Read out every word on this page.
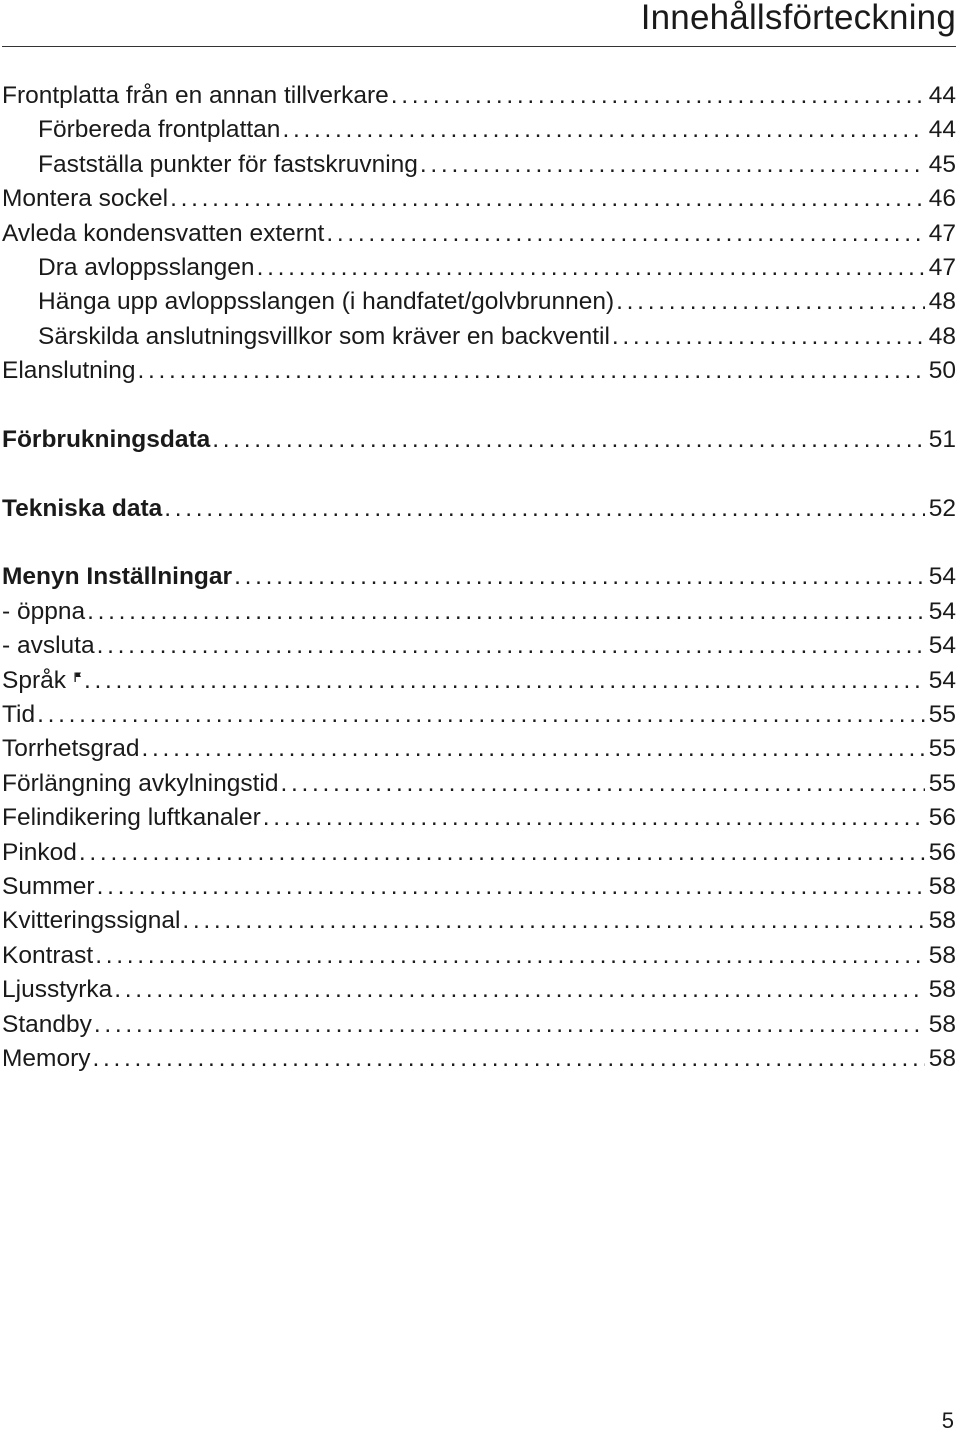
Innehållsförteckning
Frontplatta från en annan tillverkare .....	44
Förbereda frontplattan .....	44
Fastställa punkter för fastskruvning .....	45
Montera sockel .....	46
Avleda kondensvatten externt .....	47
Dra avloppsslangen .....	47
Hänga upp avloppsslangen (i handfatet/golvbrunnen) .....	48
Särskilda anslutningsvillkor som kräver en backventil .....	48
Elanslutning .....	50
Förbrukningsdata .....	51
Tekniska data .....	52
Menyn Inställningar .....	54
- öppna .....	54
- avsluta .....	54
Språk .....	54
Tid .....	55
Torrhetsgrad .....	55
Förlängning avkylningstid .....	55
Felindikering luftkanaler .....	56
Pinkod .....	56
Summer .....	58
Kvitteringssignal .....	58
Kontrast .....	58
Ljusstyrka .....	58
Standby .....	58
Memory .....	58
5
